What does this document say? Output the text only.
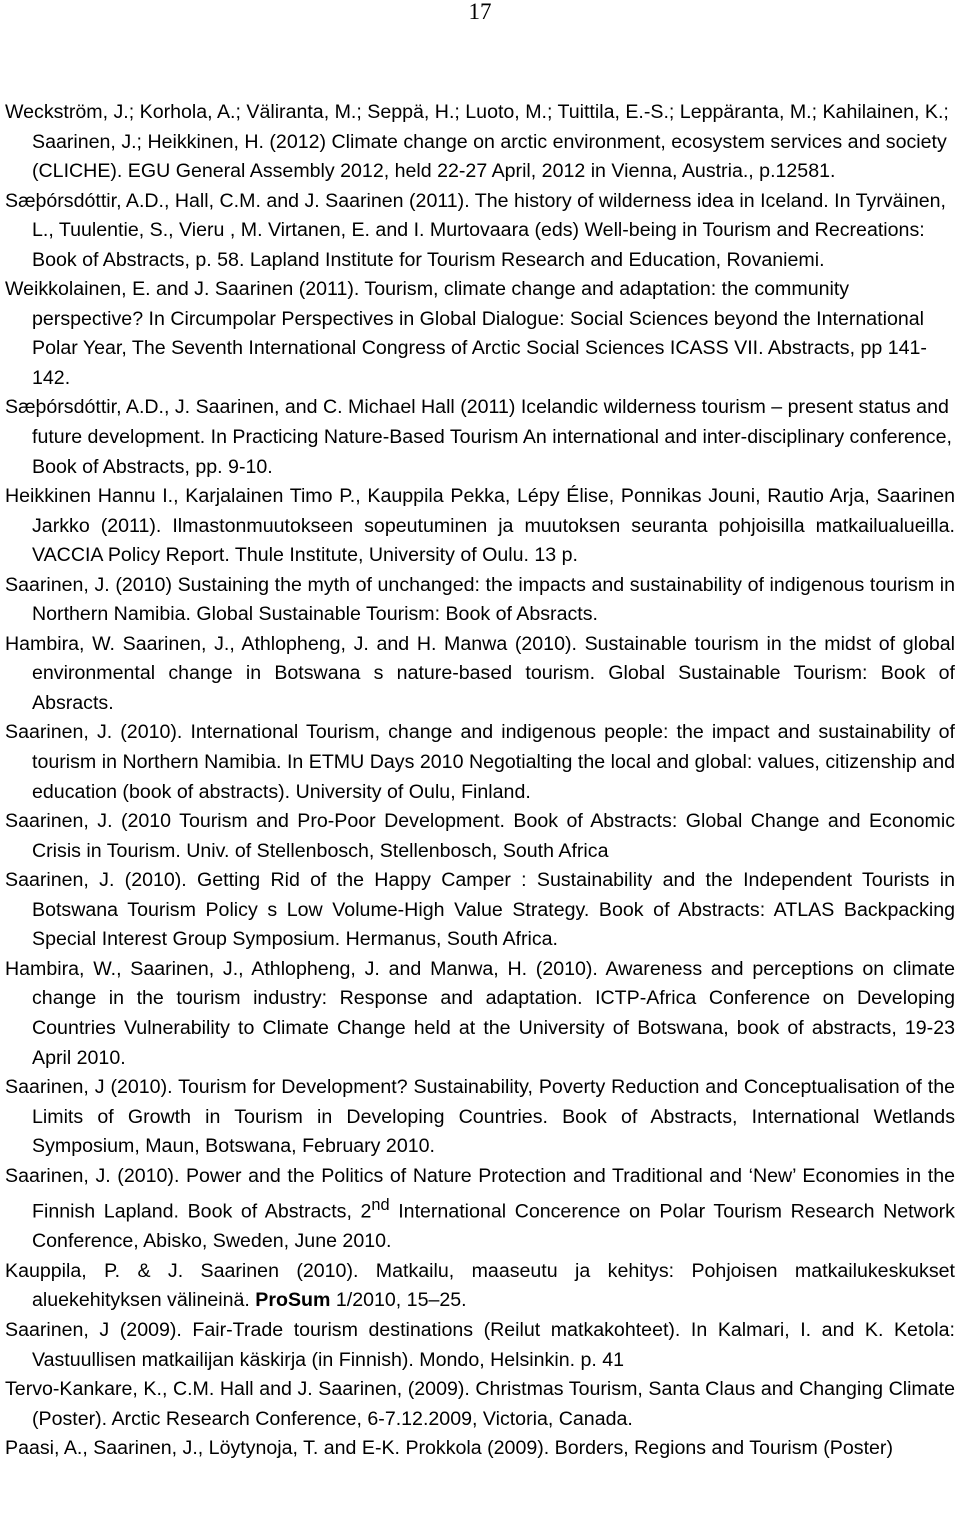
17

Weckström, J.; Korhola, A.; Väliranta, M.; Seppä, H.; Luoto, M.; Tuittila, E.-S.; Leppäranta, M.; Kahilainen, K.; Saarinen, J.; Heikkinen, H. (2012) Climate change on arctic environment, ecosystem services and society (CLICHE). EGU General Assembly 2012, held 22-27 April, 2012 in Vienna, Austria., p.12581.

Sæþórsdóttir, A.D., Hall, C.M. and J. Saarinen (2011). The history of wilderness idea in Iceland. In Tyrväinen, L., Tuulentie, S., Vieru , M. Virtanen, E. and I. Murtovaara (eds) Well-being in Tourism and Recreations: Book of Abstracts, p. 58. Lapland Institute for Tourism Research and Education, Rovaniemi.

Weikkolainen, E. and J. Saarinen (2011). Tourism, climate change and adaptation: the community perspective? In Circumpolar Perspectives in Global Dialogue: Social Sciences beyond the International Polar Year, The Seventh International Congress of Arctic Social Sciences ICASS VII. Abstracts, pp 141-142.

Sæþórsdóttir, A.D., J. Saarinen, and C. Michael Hall (2011) Icelandic wilderness tourism – present status and future development. In Practicing Nature-Based Tourism An international and inter-disciplinary conference, Book of Abstracts, pp. 9-10.

Heikkinen Hannu I., Karjalainen Timo P., Kauppila Pekka, Lépy Élise, Ponnikas Jouni, Rautio Arja, Saarinen Jarkko (2011). Ilmastonmuutokseen sopeutuminen ja muutoksen seuranta pohjoisilla matkailualueilla. VACCIA Policy Report. Thule Institute, University of Oulu. 13 p.

Saarinen, J. (2010) Sustaining the myth of unchanged: the impacts and sustainability of indigenous tourism in Northern Namibia. Global Sustainable Tourism: Book of Absracts.

Hambira, W. Saarinen, J., Athlopheng, J. and H. Manwa (2010). Sustainable tourism in the midst of global environmental change in Botswana s nature-based tourism. Global Sustainable Tourism: Book of Absracts.

Saarinen, J. (2010). International Tourism, change and indigenous people: the impact and sustainability of tourism in Northern Namibia. In ETMU Days 2010 Negotialting the local and global: values, citizenship and education (book of abstracts). University of Oulu, Finland.

Saarinen, J. (2010 Tourism and Pro-Poor Development. Book of Abstracts: Global Change and Economic Crisis in Tourism. Univ. of Stellenbosch, Stellenbosch, South Africa

Saarinen, J. (2010). Getting Rid of the Happy Camper : Sustainability and the Independent Tourists in Botswana Tourism Policy s Low Volume-High Value Strategy. Book of Abstracts: ATLAS Backpacking Special Interest Group Symposium. Hermanus, South Africa.

Hambira, W., Saarinen, J., Athlopheng, J. and Manwa, H. (2010). Awareness and perceptions on climate change in the tourism industry: Response and adaptation. ICTP-Africa Conference on Developing Countries Vulnerability to Climate Change held at the University of Botswana, book of abstracts, 19-23 April 2010.

Saarinen, J (2010). Tourism for Development? Sustainability, Poverty Reduction and Conceptualisation of the Limits of Growth in Tourism in Developing Countries. Book of Abstracts, International Wetlands Symposium, Maun, Botswana, February 2010.

Saarinen, J. (2010). Power and the Politics of Nature Protection and Traditional and ‘New’ Economies in the Finnish Lapland. Book of Abstracts, 2nd International Concerence on Polar Tourism Research Network Conference, Abisko, Sweden, June 2010.

Kauppila, P. & J. Saarinen (2010). Matkailu, maaseutu ja kehitys: Pohjoisen matkailukeskukset aluekehityksen välineinä. ProSum 1/2010, 15–25.

Saarinen, J (2009). Fair-Trade tourism destinations (Reilut matkakohteet). In Kalmari, I. and K. Ketola: Vastuullisen matkailijan käskirja (in Finnish). Mondo, Helsinkin. p. 41

Tervo-Kankare, K., C.M. Hall and J. Saarinen, (2009). Christmas Tourism, Santa Claus and Changing Climate (Poster). Arctic Research Conference, 6-7.12.2009, Victoria, Canada.

Paasi, A., Saarinen, J., Löytynoja, T. and E-K. Prokkola (2009). Borders, Regions and Tourism (Poster)
